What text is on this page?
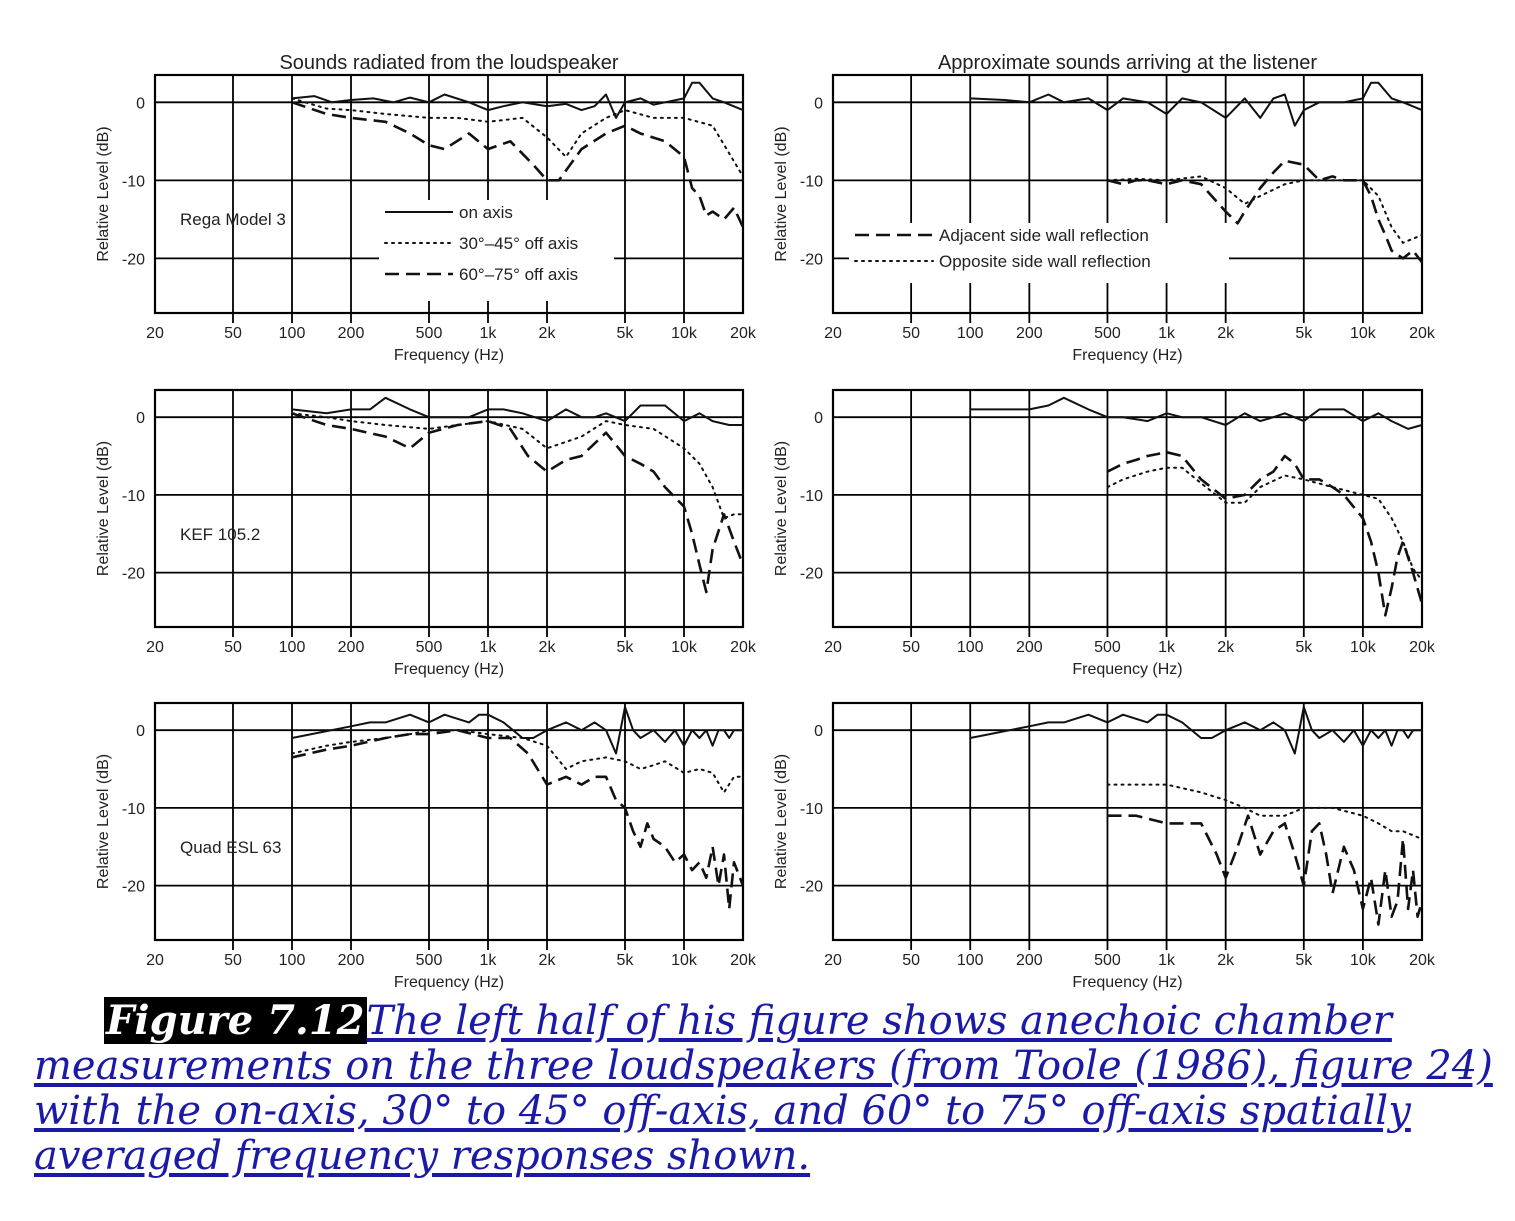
20	50 100 200	500 1k	2k	5k 10k 20k
0
-10
-20
Sounds radiated from the loudspeaker
Frequency (Hz)
Relative Level (dB)	Rega Model 3	on axis
30°–45° off axis
60°–75° off axis
20	50 100 200	500 1k	2k	5k 10k 20k
0
-10
-20
Approximate sounds arriving at the listener
Frequency (Hz)
Relative Level (dB)	Adjacent side wall reflection
Opposite side wall reflection
20	50 100 200	500 1k	2k	5k 10k 20k
0
-10
-20
Frequency (Hz)
Relative Level (dB)	KEF 105.2
20	50 100 200	500 1k	2k	5k 10k 20k
0
-10
-20
Frequency (Hz)
Relative Level (dB)
20	50 100 200	500 1k	2k	5k 10k 20k
0
-10
-20
Frequency (Hz)
Relative Level (dB)	Quad ESL 63
20	50 100 200	500 1k	2k	5k 10k 20k
0
-10
-20
Frequency (Hz)
Relative Level (dB)
Figure 7.12The left half of his figure shows anechoic chamber measurements on the three loudspeakers (from Toole (1986), figure 24) with the on-axis, 30° to 45° off-axis, and 60° to 75° off-axis spatially averaged frequency responses shown.
